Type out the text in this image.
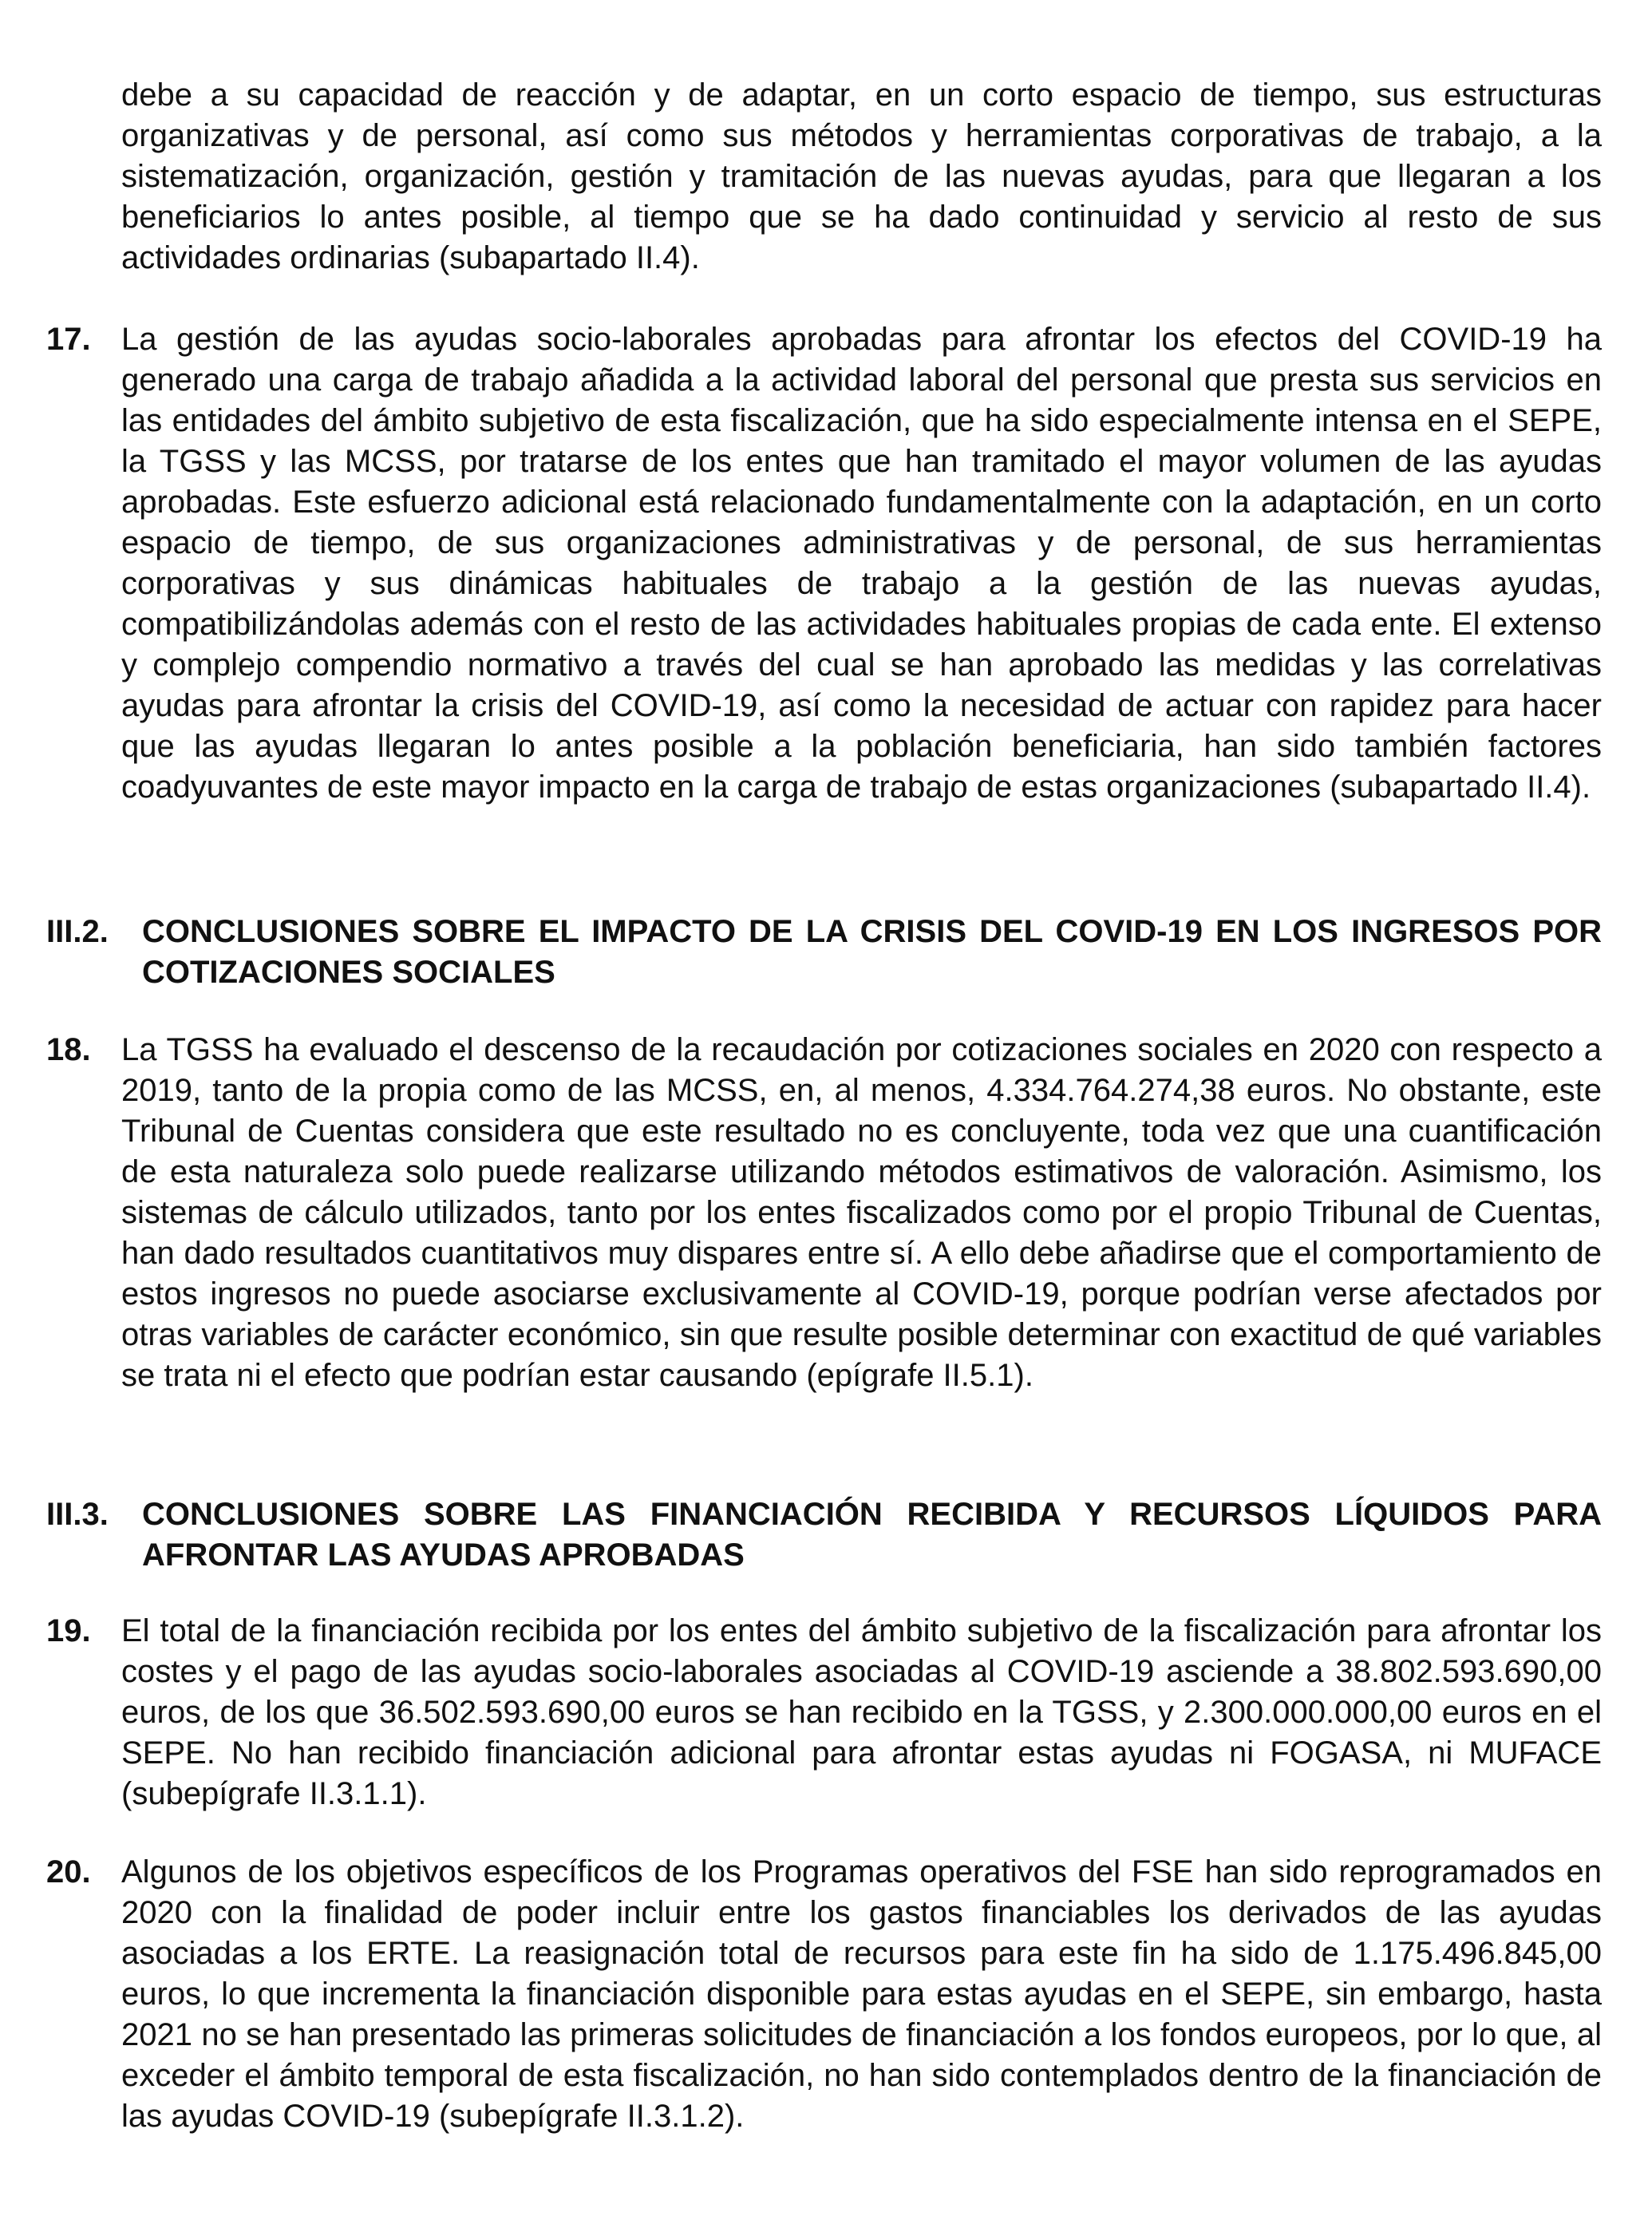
debe a su capacidad de reacción y de adaptar, en un corto espacio de tiempo, sus estructuras organizativas y de personal, así como sus métodos y herramientas corporativas de trabajo, a la sistematización, organización, gestión y tramitación de las nuevas ayudas, para que llegaran a los beneficiarios lo antes posible, al tiempo que se ha dado continuidad y servicio al resto de sus actividades ordinarias (subapartado II.4).

17. La gestión de las ayudas socio-laborales aprobadas para afrontar los efectos del COVID-19 ha generado una carga de trabajo añadida a la actividad laboral del personal que presta sus servicios en las entidades del ámbito subjetivo de esta fiscalización, que ha sido especialmente intensa en el SEPE, la TGSS y las MCSS, por tratarse de los entes que han tramitado el mayor volumen de las ayudas aprobadas. Este esfuerzo adicional está relacionado fundamentalmente con la adaptación, en un corto espacio de tiempo, de sus organizaciones administrativas y de personal, de sus herramientas corporativas y sus dinámicas habituales de trabajo a la gestión de las nuevas ayudas, compatibilizándolas además con el resto de las actividades habituales propias de cada ente. El extenso y complejo compendio normativo a través del cual se han aprobado las medidas y las correlativas ayudas para afrontar la crisis del COVID-19, así como la necesidad de actuar con rapidez para hacer que las ayudas llegaran lo antes posible a la población beneficiaria, han sido también factores coadyuvantes de este mayor impacto en la carga de trabajo de estas organizaciones (subapartado II.4).

III.2. CONCLUSIONES SOBRE EL IMPACTO DE LA CRISIS DEL COVID-19 EN LOS INGRESOS POR COTIZACIONES SOCIALES

18. La TGSS ha evaluado el descenso de la recaudación por cotizaciones sociales en 2020 con respecto a 2019, tanto de la propia como de las MCSS, en, al menos, 4.334.764.274,38 euros. No obstante, este Tribunal de Cuentas considera que este resultado no es concluyente, toda vez que una cuantificación de esta naturaleza solo puede realizarse utilizando métodos estimativos de valoración. Asimismo, los sistemas de cálculo utilizados, tanto por los entes fiscalizados como por el propio Tribunal de Cuentas, han dado resultados cuantitativos muy dispares entre sí. A ello debe añadirse que el comportamiento de estos ingresos no puede asociarse exclusivamente al COVID-19, porque podrían verse afectados por otras variables de carácter económico, sin que resulte posible determinar con exactitud de qué variables se trata ni el efecto que podrían estar causando (epígrafe II.5.1).

III.3. CONCLUSIONES SOBRE LAS FINANCIACIÓN RECIBIDA Y RECURSOS LÍQUIDOS PARA AFRONTAR LAS AYUDAS APROBADAS

19. El total de la financiación recibida por los entes del ámbito subjetivo de la fiscalización para afrontar los costes y el pago de las ayudas socio-laborales asociadas al COVID-19 asciende a 38.802.593.690,00 euros, de los que 36.502.593.690,00 euros se han recibido en la TGSS, y 2.300.000.000,00 euros en el SEPE. No han recibido financiación adicional para afrontar estas ayudas ni FOGASA, ni MUFACE (subepígrafe II.3.1.1).

20. Algunos de los objetivos específicos de los Programas operativos del FSE han sido reprogramados en 2020 con la finalidad de poder incluir entre los gastos financiables los derivados de las ayudas asociadas a los ERTE. La reasignación total de recursos para este fin ha sido de 1.175.496.845,00 euros, lo que incrementa la financiación disponible para estas ayudas en el SEPE, sin embargo, hasta 2021 no se han presentado las primeras solicitudes de financiación a los fondos europeos, por lo que, al exceder el ámbito temporal de esta fiscalización, no han sido contemplados dentro de la financiación de las ayudas COVID-19 (subepígrafe II.3.1.2).
